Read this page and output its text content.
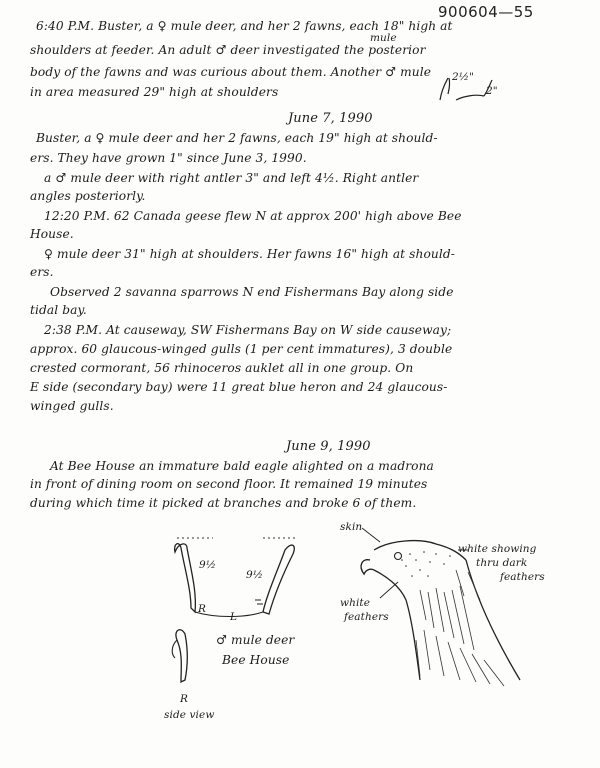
900604—55
6:40 P.M. Buster, a ♀ mule deer, and her 2 fawns, each 18" high at
mule
shoulders at feeder. An adult ♂ deer investigated the posterior
body of the fawns and was curious about them. Another ♂ mule
in area measured 29" high at shoulders
2½"
2"
June 7, 1990
Buster, a ♀ mule deer and her 2 fawns, each 19" high at should-
ers. They have grown 1" since June 3, 1990.
a ♂ mule deer with right antler 3" and left 4½. Right antler
angles posteriorly.
12:20 P.M. 62 Canada geese flew N at approx 200' high above Bee
House.
♀ mule deer 31" high at shoulders. Her fawns 16" high at should-
ers.
Observed 2 savanna sparrows N end Fishermans Bay along side
tidal bay.
2:38 P.M. At causeway, SW Fishermans Bay on W side causeway;
approx. 60 glaucous-winged gulls (1 per cent immatures), 3 double
crested cormorant, 56 rhinoceros auklet all in one group. On
E side (secondary bay) were 11 great blue heron and 24 glaucous-
winged gulls.
June 9, 1990
At Bee House an immature bald eagle alighted on a madrona
in front of dining room on second floor. It remained 19 minutes
during which time it picked at branches and broke 6 of them.
9½
9½
R
L
♂ mule deer
Bee House
R
side view
skin
white showing
thru dark
feathers
white
feathers
